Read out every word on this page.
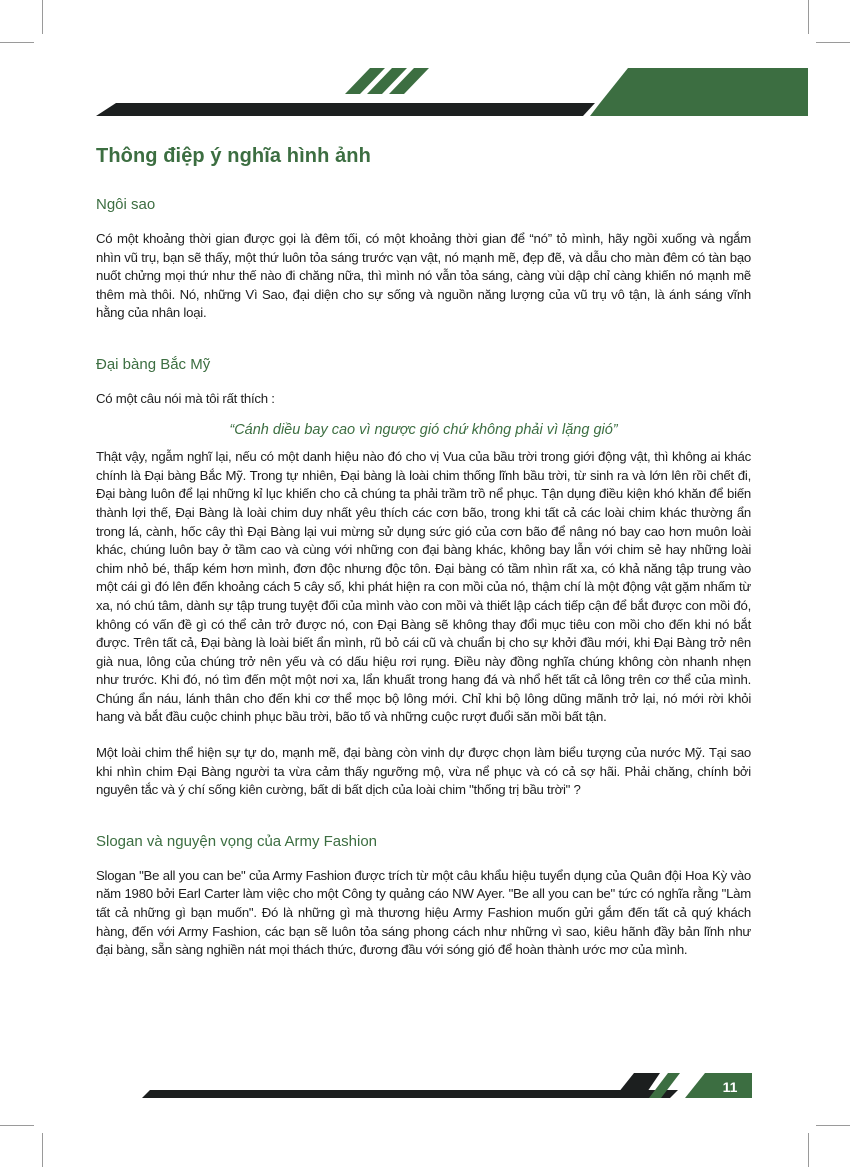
11
Thông điệp ý nghĩa hình ảnh
Ngôi sao

Có một khoảng thời gian được gọi là đêm tối, có một khoảng thời gian để “nó” tỏ mình, hãy ngồi xuống và ngắm nhìn vũ trụ, bạn sẽ thấy, một thứ luôn tỏa sáng trước vạn vật, nó mạnh mẽ, đẹp đẽ, và dẫu cho màn đêm có tàn bạo nuốt chửng mọi thứ như thế nào đi chăng nữa, thì mình nó vẫn tỏa sáng, càng vùi dập chỉ càng khiến nó mạnh mẽ thêm mà thôi. Nó, những Vì Sao, đại diện cho sự sống và nguồn năng lượng của vũ trụ vô tận, là ánh sáng vĩnh hằng của nhân loại.

Đại bàng Bắc Mỹ

Có một câu nói mà tôi rất thích :

“Cánh diều bay cao vì ngược gió chứ không phải vì lặng gió”

Thật vậy, ngẫm nghĩ lại, nếu có một danh hiệu nào đó cho vị Vua của bầu trời trong giới động vật, thì không ai khác chính là Đại bàng Bắc Mỹ. Trong tự nhiên, Đại bàng là loài chim thống lĩnh bầu trời, từ sinh ra và lớn lên rồi chết đi, Đại bàng luôn để lại những kỉ lục khiến cho cả chúng ta phải trầm trồ nể phục. Tận dụng điều kiện khó khăn để biến thành lợi thế, Đại Bàng là loài chim duy nhất yêu thích các cơn bão, trong khi tất cả các loài chim khác thường ẩn trong lá, cành, hốc cây thì Đại Bàng lại vui mừng sử dụng sức gió của cơn bão để nâng nó bay cao hơn muôn loài khác, chúng luôn bay ở tầm cao và cùng với những con đại bàng khác, không bay lẫn với chim sẻ hay những loài chim nhỏ bé, thấp kém hơn mình, đơn độc nhưng độc tôn. Đại bàng có tầm nhìn rất xa, có khả năng tập trung vào một cái gì đó lên đến khoảng cách 5 cây số, khi phát hiện ra con mồi của nó, thậm chí là một động vật gặm nhấm từ xa, nó chú tâm, dành sự tập trung tuyệt đối của mình vào con mồi và thiết lập cách tiếp cận để bắt được con mồi đó, không có vấn đề gì có thể cản trở được nó, con Đại Bàng sẽ không thay đổi mục tiêu con mồi cho đến khi nó bắt được. Trên tất cả, Đại bàng là loài biết ẩn mình, rũ bỏ cái cũ và chuẩn bị cho sự khởi đầu mới, khi Đại Bàng trở nên già nua, lông của chúng trở nên yếu và có dấu hiệu rơi rụng. Điều này đồng nghĩa chúng không còn nhanh nhẹn như trước. Khi đó, nó tìm đến một một nơi xa, lẩn khuất trong hang đá và nhổ hết tất cả lông trên cơ thể của mình. Chúng ẩn náu, lánh thân cho đến khi cơ thể mọc bộ lông mới. Chỉ khi bộ lông dũng mãnh trở lại, nó mới rời khỏi hang và bắt đầu cuộc chinh phục bầu trời, bão tố và những cuộc rượt đuổi săn mồi bất tận.

Một loài chim thể hiện sự tự do, mạnh mẽ, đại bàng còn vinh dự được chọn làm biểu tượng của nước Mỹ. Tại sao khi nhìn chim Đại Bàng người ta vừa cảm thấy ngưỡng mộ, vừa nể phục và có cả sợ hãi. Phải chăng, chính bởi nguyên tắc và ý chí sống kiên cường, bất di bất dịch của loài chim "thống trị bầu trời" ?

Slogan và nguyện vọng của Army Fashion

Slogan "Be all you can be" của Army Fashion được trích từ một câu khẩu hiệu tuyển dụng của Quân đội Hoa Kỳ vào năm 1980 bởi Earl Carter làm việc cho một Công ty quảng cáo NW Ayer. "Be all you can be" tức có nghĩa rằng "Làm tất cả những gì bạn muốn". Đó là những gì mà thương hiệu Army Fashion muốn gửi gắm đến tất cả quý khách hàng, đến với Army Fashion, các bạn sẽ luôn tỏa sáng phong cách như những vì sao, kiêu hãnh đầy bản lĩnh như đại bàng, sẵn sàng nghiền nát mọi thách thức, đương đầu với sóng gió để hoàn thành ước mơ của mình.
